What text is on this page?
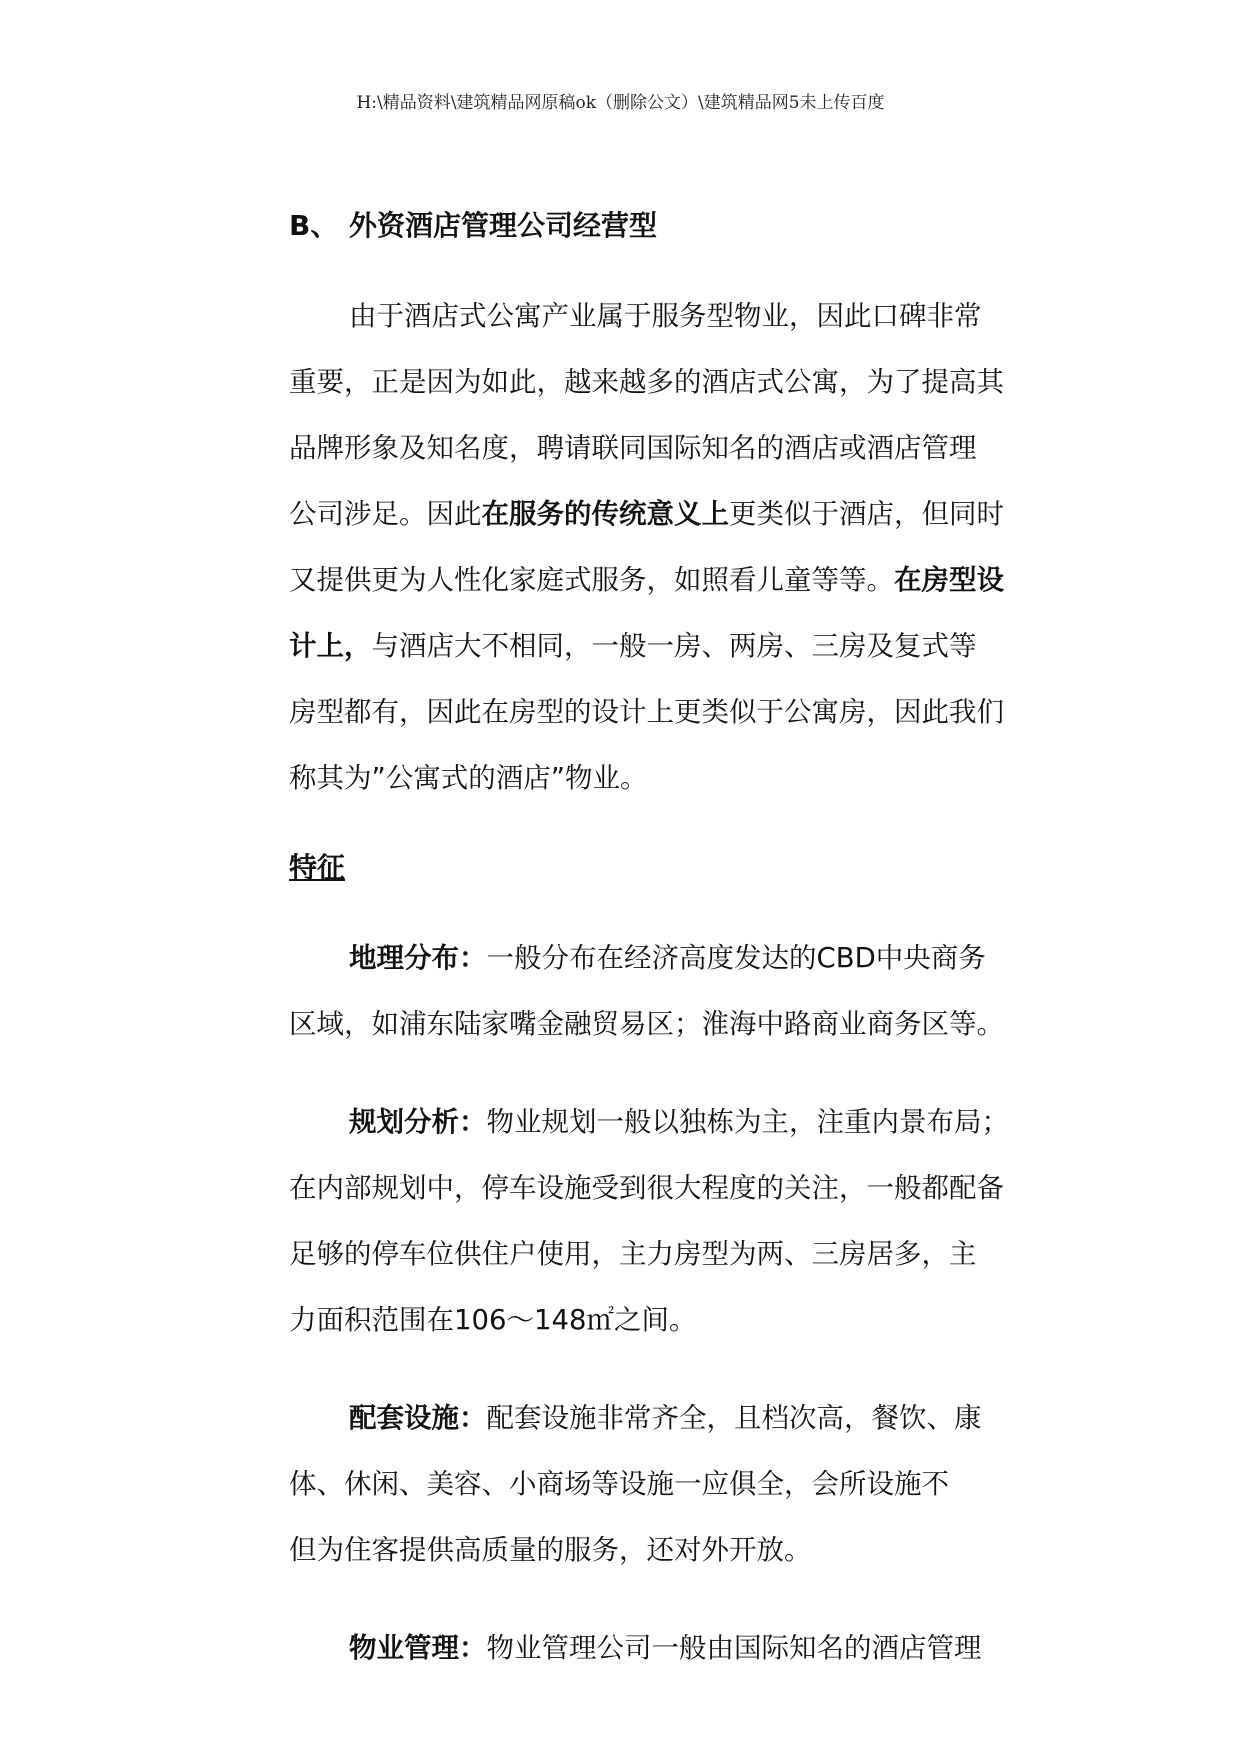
H:\精品资料\建筑精品网原稿ok（删除公文）\建筑精品网5未上传百度
B、 外资酒店管理公司经营型

由于酒店式公寓产业属于服务型物业，因此口碑非常

重要，正是因为如此，越来越多的酒店式公寓，为了提高其

品牌形象及知名度，聘请联同国际知名的酒店或酒店管理

公司涉足。因此在服务的传统意义上更类似于酒店，但同时

又提供更为人性化家庭式服务，如照看儿童等等。在房型设

计上，与酒店大不相同，一般一房、两房、三房及复式等

房型都有，因此在房型的设计上更类似于公寓房，因此我们

称其为”公寓式的酒店”物业。

特征

地理分布：一般分布在经济高度发达的CBD中央商务

区域，如浦东陆家嘴金融贸易区；淮海中路商业商务区等。

规划分析：物业规划一般以独栋为主，注重内景布局；

在内部规划中，停车设施受到很大程度的关注，一般都配备

足够的停车位供住户使用，主力房型为两、三房居多，主

力面积范围在106～148㎡之间。

配套设施：配套设施非常齐全，且档次高，餐饮、康

体、休闲、美容、小商场等设施一应俱全，会所设施不

但为住客提供高质量的服务，还对外开放。

物业管理：物业管理公司一般由国际知名的酒店管理
